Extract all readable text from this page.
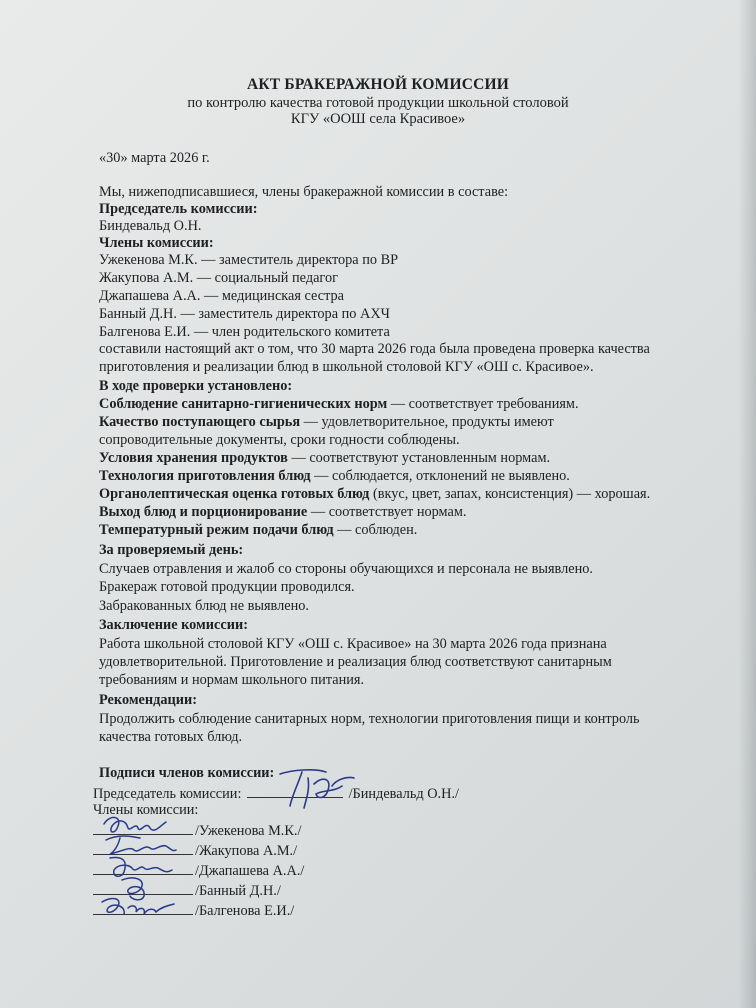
АКТ БРАКЕРАЖНОЙ КОМИССИИ
по контролю качества готовой продукции школьной столовой
КГУ «ООШ села Красивое»
«30» марта 2026 г.
Мы, нижеподписавшиеся, члены бракеражной комиссии в составе:
Председатель комиссии:
Биндевальд О.Н.
Члены комиссии:
Ужекенова М.К. — заместитель директора по ВР
Жакупова А.М. — социальный педагог
Джапашева А.А. — медицинская сестра
Банный Д.Н. — заместитель директора по АХЧ
Балгенова Е.И. — член родительского комитета
составили настоящий акт о том, что 30 марта 2026 года была проведена проверка качества
приготовления и реализации блюд в школьной столовой КГУ «ОШ с. Красивое».
В ходе проверки установлено:
Соблюдение санитарно-гигиенических норм — соответствует требованиям.
Качество поступающего сырья — удовлетворительное, продукты имеют
сопроводительные документы, сроки годности соблюдены.
Условия хранения продуктов — соответствуют установленным нормам.
Технология приготовления блюд — соблюдается, отклонений не выявлено.
Органолептическая оценка готовых блюд (вкус, цвет, запах, консистенция) — хорошая.
Выход блюд и порционирование — соответствует нормам.
Температурный режим подачи блюд — соблюден.
За проверяемый день:
Случаев отравления и жалоб со стороны обучающихся и персонала не выявлено.
Бракераж готовой продукции проводился.
Забракованных блюд не выявлено.
Заключение комиссии:
Работа школьной столовой КГУ «ОШ с. Красивое» на 30 марта 2026 года признана
удовлетворительной. Приготовление и реализация блюд соответствуют санитарным
требованиям и нормам школьного питания.
Рекомендации:
Продолжить соблюдение санитарных норм, технологии приготовления пищи и контроль
качества готовых блюд.
Подписи членов комиссии:
Председатель комиссии:	/Биндевальд О.Н./
Члены комиссии:
/Ужекенова М.К./
/Жакупова А.М./
/Джапашева А.А./
/Банный Д.Н./
/Балгенова Е.И./
